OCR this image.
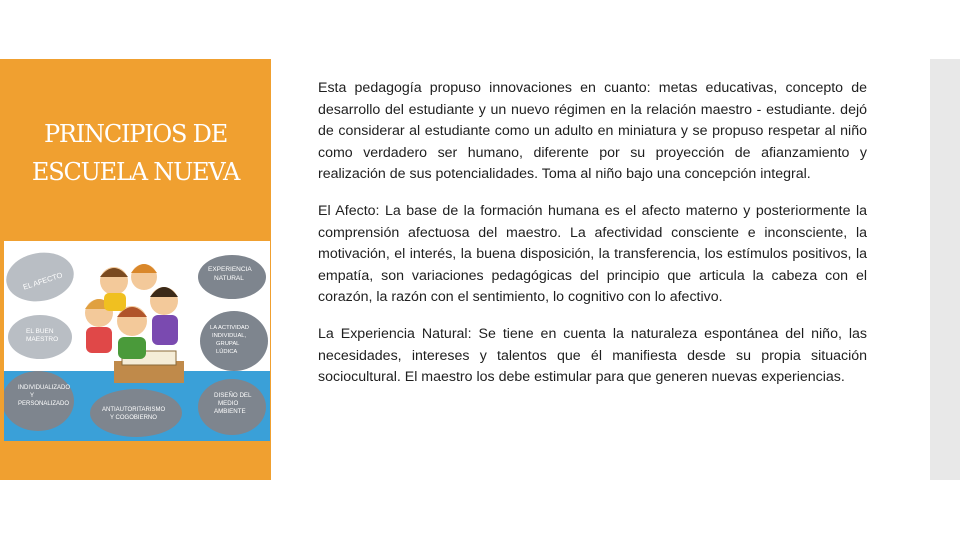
PRINCIPIOS DE
ESCUELA NUEVA
EL AFECTO
EL BUEN MAESTRO
INDIVIDUALIZADO Y PERSONALIZADO
EXPERIENCIA NATURAL
LA ACTIVIDAD INDIVIDUAL, GRUPAL LÚDICA
ANTIAUTORITARISMO Y COGOBIERNO
DISEÑO DEL MEDIO AMBIENTE

Esta pedagogía propuso innovaciones en cuanto: metas educativas, concepto de desarrollo del estudiante y un nuevo régimen en la relación maestro - estudiante. dejó de considerar al estudiante como un adulto en miniatura y se propuso respetar al niño como verdadero ser humano, diferente por su proyección de afianzamiento y realización de sus potencialidades. Toma al niño bajo una concepción integral.

El Afecto: La base de la formación humana es el afecto materno y posteriormente la comprensión afectuosa del maestro. La afectividad consciente e inconsciente, la motivación, el interés, la buena disposición, la transferencia, los estímulos positivos, la empatía, son variaciones pedagógicas del principio que articula la cabeza con el corazón, la razón con el sentimiento, lo cognitivo con lo afectivo.

La Experiencia Natural: Se tiene en cuenta la naturaleza espontánea del niño, las necesidades, intereses y talentos que él manifiesta desde su propia situación sociocultural. El maestro los debe estimular para que generen nuevas experiencias.
